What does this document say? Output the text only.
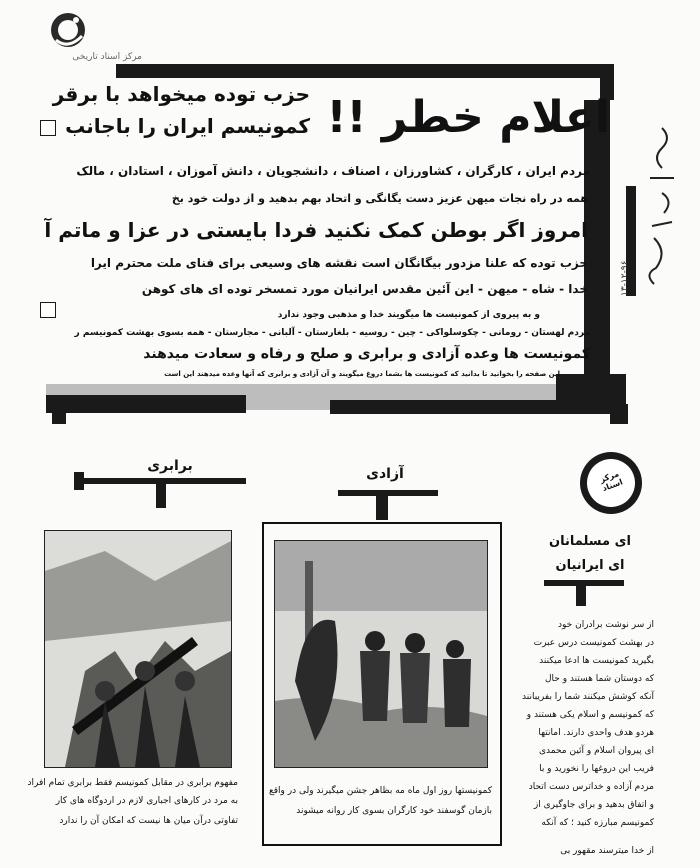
مرکز اسناد تاریخی
۱۳-۱۲-۹۶
اعلام خطر !!
حزب توده میخواهد با برقر
کمونیسم ایران را باجانب
مردم ایران ، کارگران ، کشاورزان ، اصناف ، دانشجویان ، دانش آموزان ، استادان ، مالک
همه در راه نجات میهن عزیز دست یگانگی و اتحاد بهم بدهید و از دولت خود بخ
امروز اگر بوطن کمک نکنید فردا بایستی در عزا و ماتم آ
حزب توده که علنا مزدور بیگانگان است نقشه های وسیعی برای فنای ملت محترم ایرا
خدا - شاه - میهن - این آئین مقدس ایرانیان مورد تمسخر توده ای های کوهن
و به پیروی از کمونیست ها میگویند خدا و مذهبی وجود ندارد
مردم لهستان - رومانی - چکوسلواکی - چین - روسیه - بلغارستان - آلبانی - مجارستان - همه بسوی بهشت کمونیسم ر
کمونیست ها وعده آزادی و برابری و صلح و رفاه و سعادت میدهند
این صفحه را بخوانید تا بدانید که کمونیست ها بشما دروغ میگویند و آن آزادی و برابری که آنها وعده میدهند این است
برابری
مفهوم برابری در مقابل کمونیسم فقط برابری تمام افراد
به مرد در کارهای اجباری لازم در اردوگاه های کار
تفاوتی درآن میان ها نیست که امکان آن را ندارد
آزادی
کمونیستها روز اول ماه مه بظاهر جشن میگیرند ولی در واقع
بازمان گوسفند خود کارگران بسوی کار روانه میشوند
مرکز اسناد
ای مسلمانان
ای ایرانیان
از سر نوشت برادران خود
در بهشت کمونیست درس عبرت
بگیرید کمونیست ها ادعا میکنند
که دوستان شما هستند و حال
آنکه کوشش میکنند شما را بفریبانند
که کمونیسم و اسلام یکی هستند و
هردو هدف واحدی دارند. امانتها
ای پیروان اسلام و آئین محمدی
فریب این دروغها را نخورید و با
مردم آزاده و خداترس دست اتحاد
و اتفاق بدهید و برای جاوگیری از
کمونیسم مبارزه کنید ؛ که آنکه
از خدا میترسند مقهور بی
